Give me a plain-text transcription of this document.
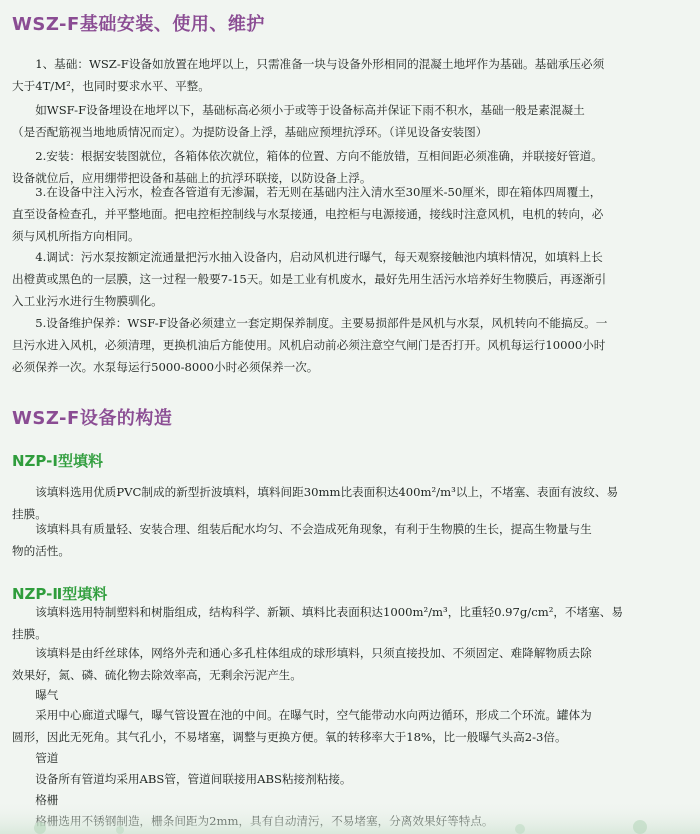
WSZ-F基础安装、使用、维护

　　1、基础：WSZ-F设备如放置在地坪以上，只需准备一块与设备外形相同的混凝土地坪作为基础。基础承压必须
大于4T/M²，也同时要求水平、平整。

　　如WSF-F设备埋设在地坪以下，基础标高必须小于或等于设备标高并保证下雨不积水，基础一般是素混凝土
（是否配筋视当地地质情况而定）。为提防设备上浮，基础应预埋抗浮环。（详见设备安装图）

　　2.安装：根据安装图就位，各箱体依次就位，箱体的位置、方向不能放错，互相间距必须准确，并联接好管道。
设备就位后，应用绷带把设备和基础上的抗浮环联接，以防设备上浮。

　　3.在设备中注入污水，检查各管道有无渗漏，若无则在基础内注入清水至30厘米-50厘米，即在箱体四周覆土，
直至设备检查孔，并平整地面。把电控柜控制线与水泵接通，电控柜与电源接通，接线时注意风机，电机的转向，必
须与风机所指方向相同。

　　4.调试：污水泵按额定流通量把污水抽入设备内，启动风机进行曝气，每天观察接触池内填料情况，如填料上长
出橙黄或黑色的一层膜，这一过程一般要7-15天。如是工业有机废水，最好先用生活污水培养好生物膜后，再逐渐引
入工业污水进行生物膜驯化。

　　5.设备维护保养：WSF-F设备必须建立一套定期保养制度。主要易损部件是风机与水泵，风机转向不能搞反。一
旦污水进入风机，必须清理，更换机油后方能使用。风机启动前必须注意空气闸门是否打开。风机每运行10000小时
必须保养一次。水泵每运行5000-8000小时必须保养一次。

WSZ-F设备的构造
NZP-Ⅰ型填料

　　该填料选用优质PVC制成的新型折波填料，填料间距30mm比表面积达400m²/m³以上，不堵塞、表面有波纹、易
挂膜。

　　该填料具有质量轻、安装合理、组装后配水均匀、不会造成死角现象，有利于生物膜的生长，提高生物量与生
物的活性。

NZP-Ⅱ型填料

　　该填料选用特制塑料和树脂组成，结构科学、新颖、填料比表面积达1000m²/m³，比重轻0.97g/cm²，不堵塞、易
挂膜。

　　该填料是由纤丝球体，网络外壳和通心多孔柱体组成的球形填料，只须直接投加、不须固定、难降解物质去除
效果好，氮、磷、硫化物去除效率高，无剩余污泥产生。

　　曝气

　　采用中心廊道式曝气，曝气管设置在池的中间。在曝气时，空气能带动水向两边循环，形成二个环流。罐体为
圆形，因此无死角。其气孔小，不易堵塞，调整与更换方便。氧的转移率大于18%，比一般曝气头高2-3倍。

　　管道

　　设备所有管道均采用ABS管，管道间联接用ABS粘接剂粘接。
